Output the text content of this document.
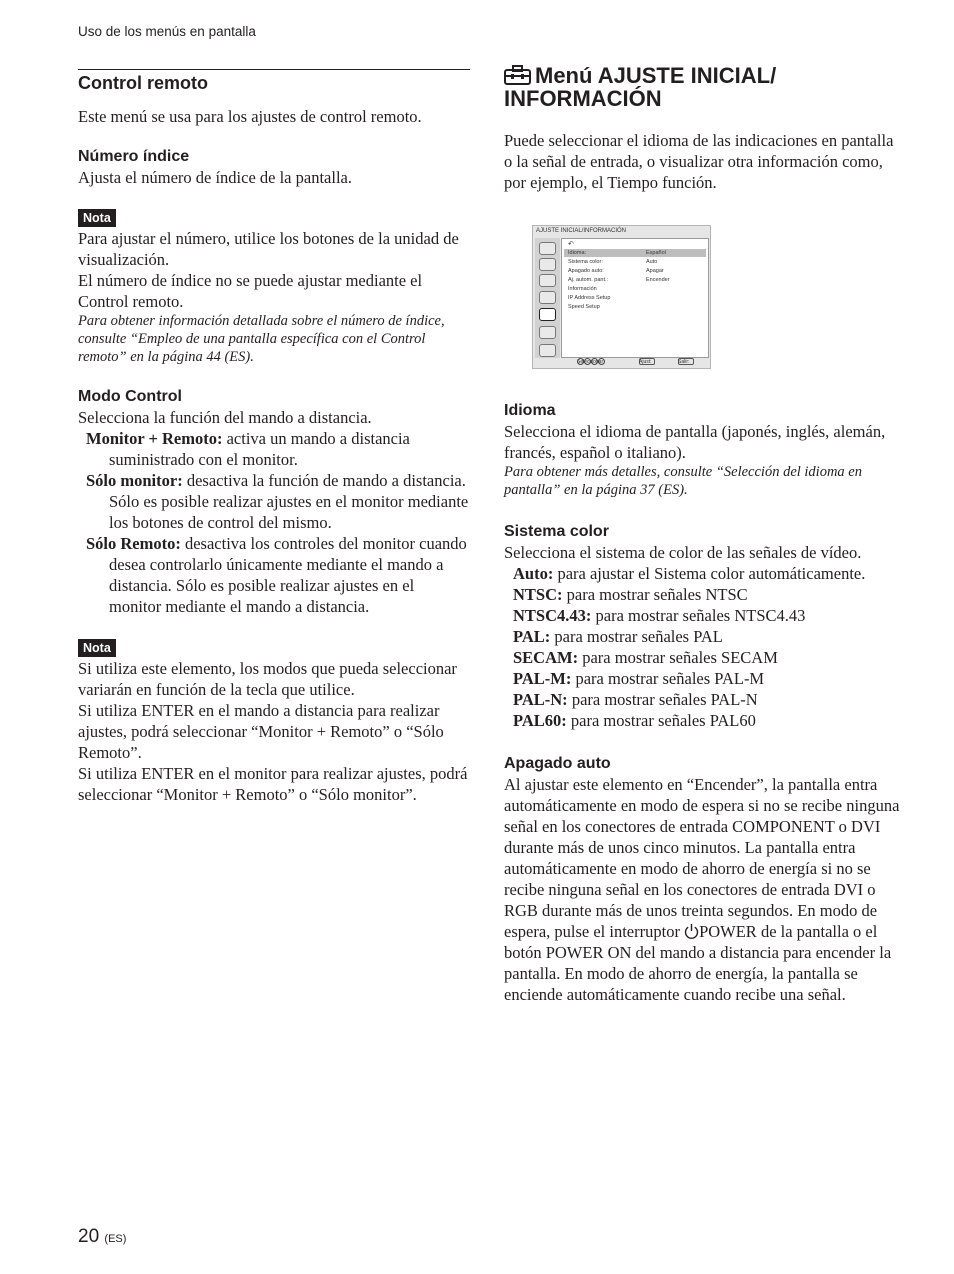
Uso de los menús en pantalla
Control remoto

Este menú se usa para los ajustes de control remoto.

Número índice

Ajusta el número de índice de la pantalla.

Nota

Para ajustar el número, utilice los botones de la unidad de visualización.

El número de índice no se puede ajustar mediante el Control remoto.

Para obtener información detallada sobre el número de índice, consulte “Empleo de una pantalla específica con el Control remoto” en la página 44 (ES).

Modo Control

Selecciona la función del mando a distancia.

Monitor + Remoto: activa un mando a distancia suministrado con el monitor.

Sólo monitor: desactiva la función de mando a distancia. Sólo es posible realizar ajustes en el monitor mediante los botones de control del mismo.

Sólo Remoto: desactiva los controles del monitor cuando desea controlarlo únicamente mediante el mando a distancia. Sólo es posible realizar ajustes en el monitor mediante el mando a distancia.

Nota

Si utiliza este elemento, los modos que pueda seleccionar variarán en función de la tecla que utilice.

Si utiliza ENTER en el mando a distancia para realizar ajustes, podrá seleccionar “Monitor + Remoto” o “Sólo Remoto”.

Si utiliza ENTER en el monitor para realizar ajustes, podrá seleccionar “Monitor + Remoto” o “Sólo monitor”.

Menú AJUSTE INICIAL/
INFORMACIÓN

Puede seleccionar el idioma de las indicaciones en pantalla o la señal de entrada, o visualizar otra información como, por ejemplo, el Tiempo función.

Idioma

Selecciona el idioma de pantalla (japonés, inglés, alemán, francés, español o italiano).

Para obtener más detalles, consulte “Selección del idioma en pantalla” en la página 37 (ES).

Sistema color

Selecciona el sistema de color de las señales de vídeo.

Auto: para ajustar el Sistema color automáticamente.

NTSC: para mostrar señales NTSC

NTSC4.43: para mostrar señales NTSC4.43

PAL: para mostrar señales PAL

SECAM: para mostrar señales SECAM

PAL-M: para mostrar señales PAL-M

PAL-N: para mostrar señales PAL-N

PAL60: para mostrar señales PAL60

Apagado auto

Al ajustar este elemento en “Encender”, la pantalla entra automáticamente en modo de espera si no se recibe ninguna señal en los conectores de entrada COMPONENT o DVI durante más de unos cinco minutos. La pantalla entra automáticamente en modo de ahorro de energía si no se recibe ninguna señal en los conectores de entrada DVI o RGB durante más de unos treinta segundos. En modo de espera, pulse el interruptor POWER de la pantalla o el botón POWER ON del mando a distancia para encender la pantalla. En modo de ahorro de energía, la pantalla se enciende automáticamente cuando recibe una señal.

AJUSTE INICIAL/INFORMACIÓN
↶
Idioma:	Español
Sistema color:	Auto
Apagado auto:	Apagar
Aj. autom. pant.:	Encender
Información
IP Address Setup
Speed Setup
Seleccionar:	Ajust:	Salir:
20 (ES)
